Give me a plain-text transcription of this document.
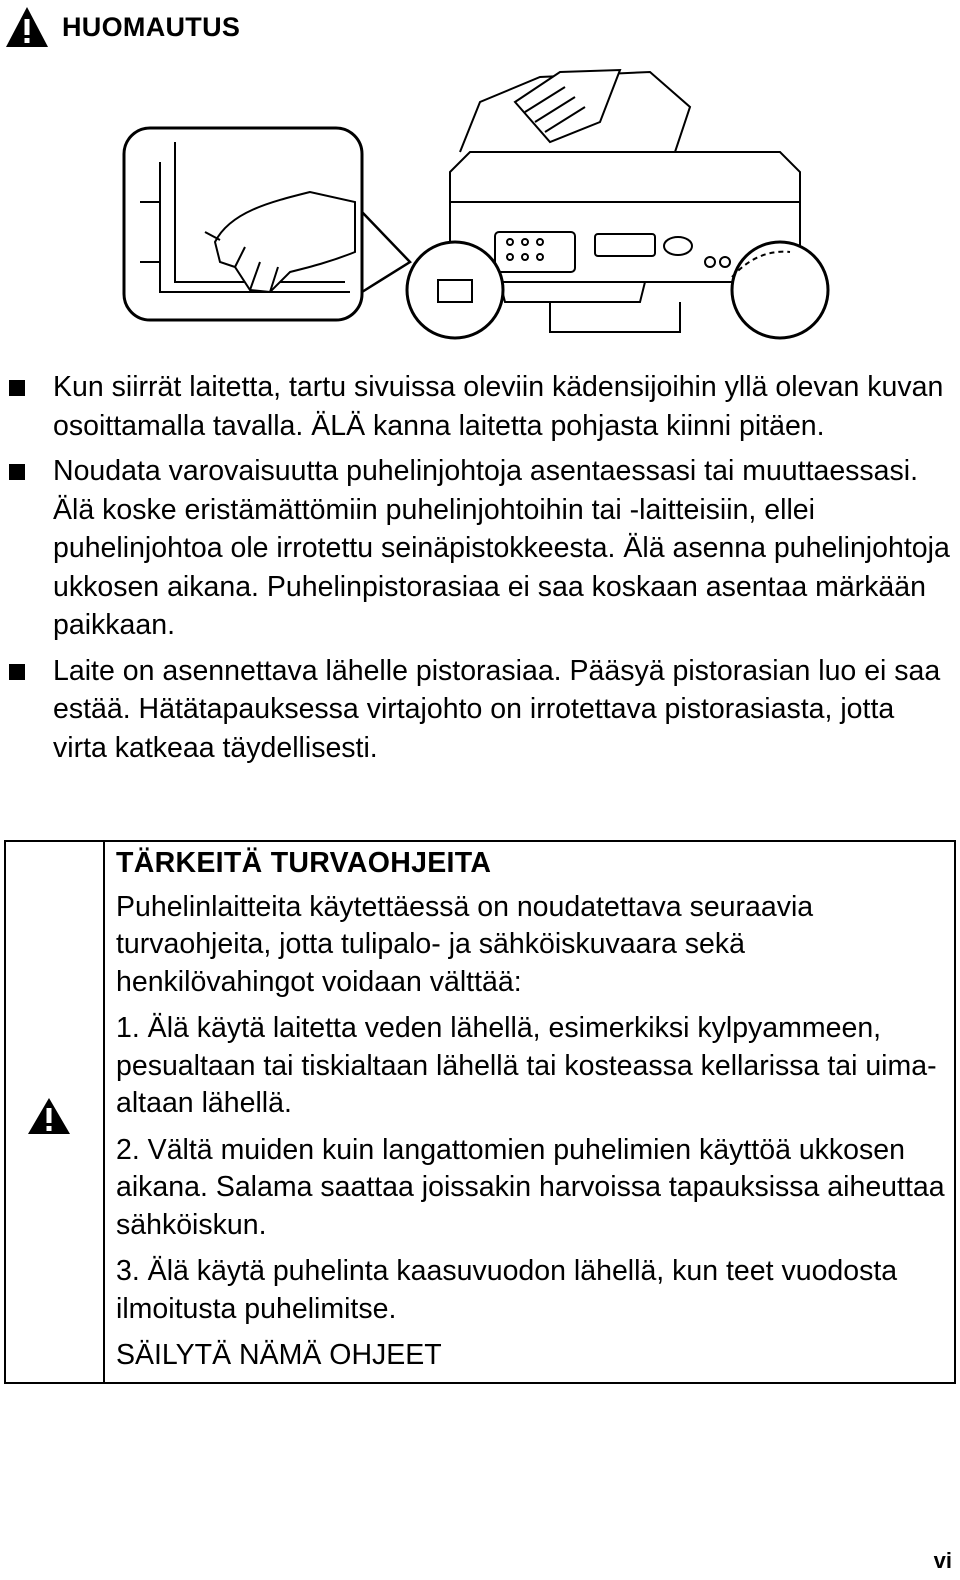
HUOMAUTUS
Kun siirrät laitetta, tartu sivuissa oleviin kädensijoihin yllä olevan kuvan osoittamalla tavalla. ÄLÄ kanna laitetta pohjasta kiinni pitäen.
Noudata varovaisuutta puhelinjohtoja asentaessasi tai muuttaessasi. Älä koske eristämättömiin puhelinjohtoihin tai -laitteisiin, ellei puhelinjohtoa ole irrotettu seinäpistokkeesta. Älä asenna puhelinjohtoja ukkosen aikana. Puhelinpistorasiaa ei saa koskaan asentaa märkään paikkaan.
Laite on asennettava lähelle pistorasiaa. Pääsyä pistorasian luo ei saa estää. Hätätapauksessa virtajohto on irrotettava pistorasiasta, jotta virta katkeaa täydellisesti.
TÄRKEITÄ TURVAOHJEITA

Puhelinlaitteita käytettäessä on noudatettava seuraavia turvaohjeita, jotta tulipalo- ja sähköiskuvaara sekä henkilövahingot voidaan välttää:

1. Älä käytä laitetta veden lähellä, esimerkiksi kylpyammeen, pesualtaan tai tiskialtaan lähellä tai kosteassa kellarissa tai uima-altaan lähellä.

2. Vältä muiden kuin langattomien puhelimien käyttöä ukkosen aikana. Salama saattaa joissakin harvoissa tapauksissa aiheuttaa sähköiskun.

3. Älä käytä puhelinta kaasuvuodon lähellä, kun teet vuodosta ilmoitusta puhelimitse.

SÄILYTÄ NÄMÄ OHJEET

vi
